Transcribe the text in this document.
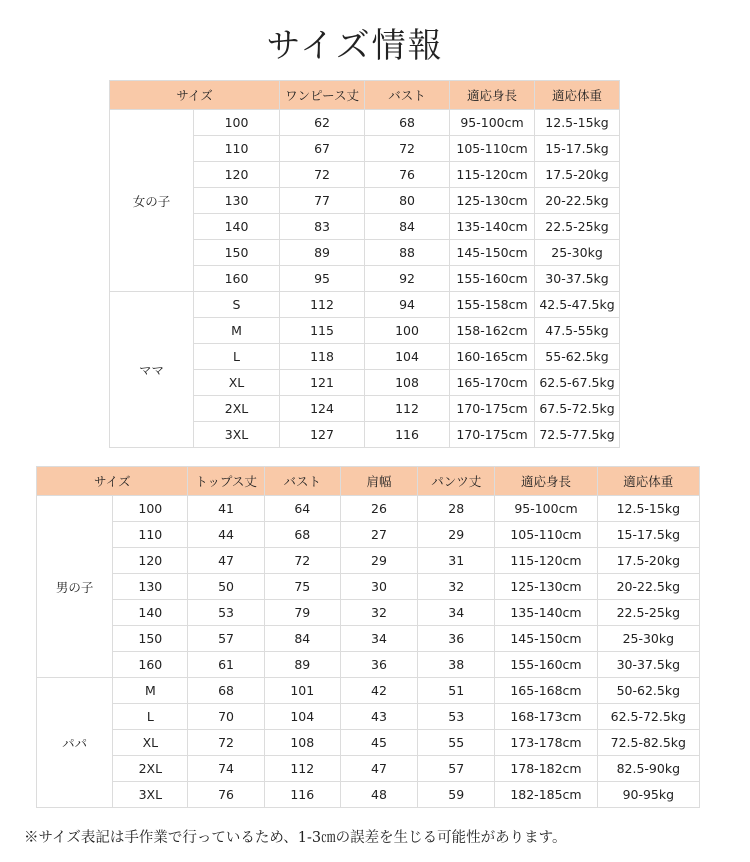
サイズ情報
サイズ		ワンピース丈	バスト	適応身長	適応体重
女の子	100	62	68	95-100cm	12.5-15kg
	110	67	72	105-110cm	15-17.5kg
	120	72	76	115-120cm	17.5-20kg
	130	77	80	125-130cm	20-22.5kg
	140	83	84	135-140cm	22.5-25kg
	150	89	88	145-150cm	25-30kg
	160	95	92	155-160cm	30-37.5kg
ママ	S	112	94	155-158cm	42.5-47.5kg
	M	115	100	158-162cm	47.5-55kg
	L	118	104	160-165cm	55-62.5kg
	XL	121	108	165-170cm	62.5-67.5kg
	2XL	124	112	170-175cm	67.5-72.5kg
	3XL	127	116	170-175cm	72.5-77.5kg
サイズ		トップス丈	バスト	肩幅	パンツ丈	適応身長	適応体重
男の子	100	41	64	26	28	95-100cm	12.5-15kg
	110	44	68	27	29	105-110cm	15-17.5kg
	120	47	72	29	31	115-120cm	17.5-20kg
	130	50	75	30	32	125-130cm	20-22.5kg
	140	53	79	32	34	135-140cm	22.5-25kg
	150	57	84	34	36	145-150cm	25-30kg
	160	61	89	36	38	155-160cm	30-37.5kg
パパ	M	68	101	42	51	165-168cm	50-62.5kg
	L	70	104	43	53	168-173cm	62.5-72.5kg
	XL	72	108	45	55	173-178cm	72.5-82.5kg
	2XL	74	112	47	57	178-182cm	82.5-90kg
	3XL	76	116	48	59	182-185cm	90-95kg
※サイズ表記は手作業で行っているため、1-3㎝の誤差を生じる可能性があります。
